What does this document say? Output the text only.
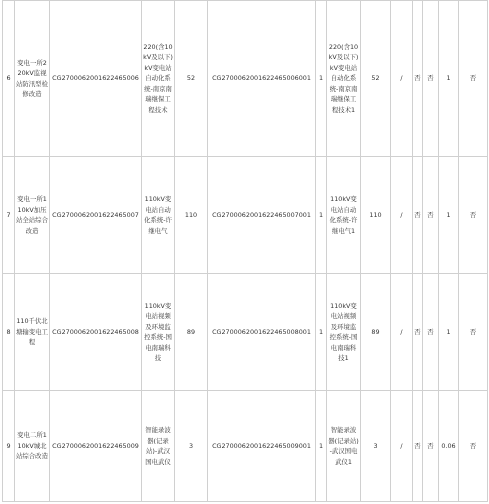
6	变电一所220kV监视站防汛型检修改造	CG2700062001622465006	220(含10kV及以下)kV变电站自动化系统-南京南瑞继保工程技术	52	CG2700062001622465006001	1	220(含10kV及以下)kV变电站自动化系统-南京南瑞继保工程技术1	52	/	否	否	1	否
7	变电一所110kV加压站全站综合改造	CG2700062001622465007	110kV变电站自动化系统-许继电气	110	CG2700062001622465007001	1	110kV变电站自动化系统-许继电气1	110	/	否	否	1	否
8	110千伏北塘输变电工程	CG2700062001622465008	110kV变电站视频及环境监控系统-国电南瑞科技	89	CG2700062001622465008001	1	110kV变电站视频及环境监控系统-国电南瑞科技1	89	/	否	否	1	否
9	变电二所110kV城北站综合改造	CG2700062001622465009	智能录波器(记录站)-武汉国电武仪	3	CG2700062001622465009001	1	智能录波器(记录站)-武汉国电武仪1	3	/	否	否	0.06	否
